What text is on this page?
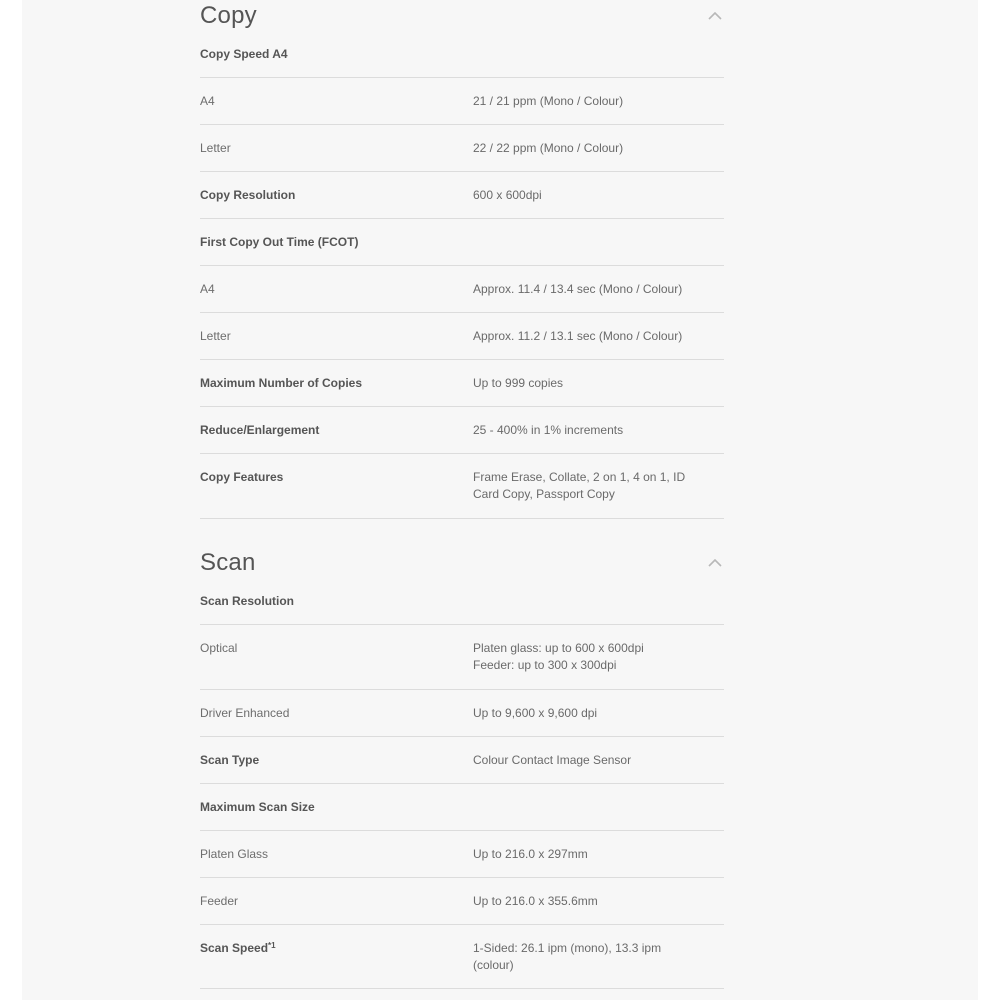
Copy
Copy Speed A4
A4	21 / 21 ppm (Mono / Colour)
Letter	22 / 22 ppm (Mono / Colour)
Copy Resolution	600 x 600dpi
First Copy Out Time (FCOT)
A4	Approx. 11.4 / 13.4 sec (Mono / Colour)
Letter	Approx. 11.2 / 13.1 sec (Mono / Colour)
Maximum Number of Copies	Up to 999 copies
Reduce/Enlargement	25 - 400% in 1% increments
Copy Features	Frame Erase, Collate, 2 on 1, 4 on 1, ID Card Copy, Passport Copy
Scan
Scan Resolution
Optical	Platen glass: up to 600 x 600dpi
Feeder: up to 300 x 300dpi
Driver Enhanced	Up to 9,600 x 9,600 dpi
Scan Type	Colour Contact Image Sensor
Maximum Scan Size
Platen Glass	Up to 216.0 x 297mm
Feeder	Up to 216.0 x 355.6mm
Scan Speed$^{*1}$	1-Sided: 26.1 ipm (mono), 13.3 ipm (colour)
